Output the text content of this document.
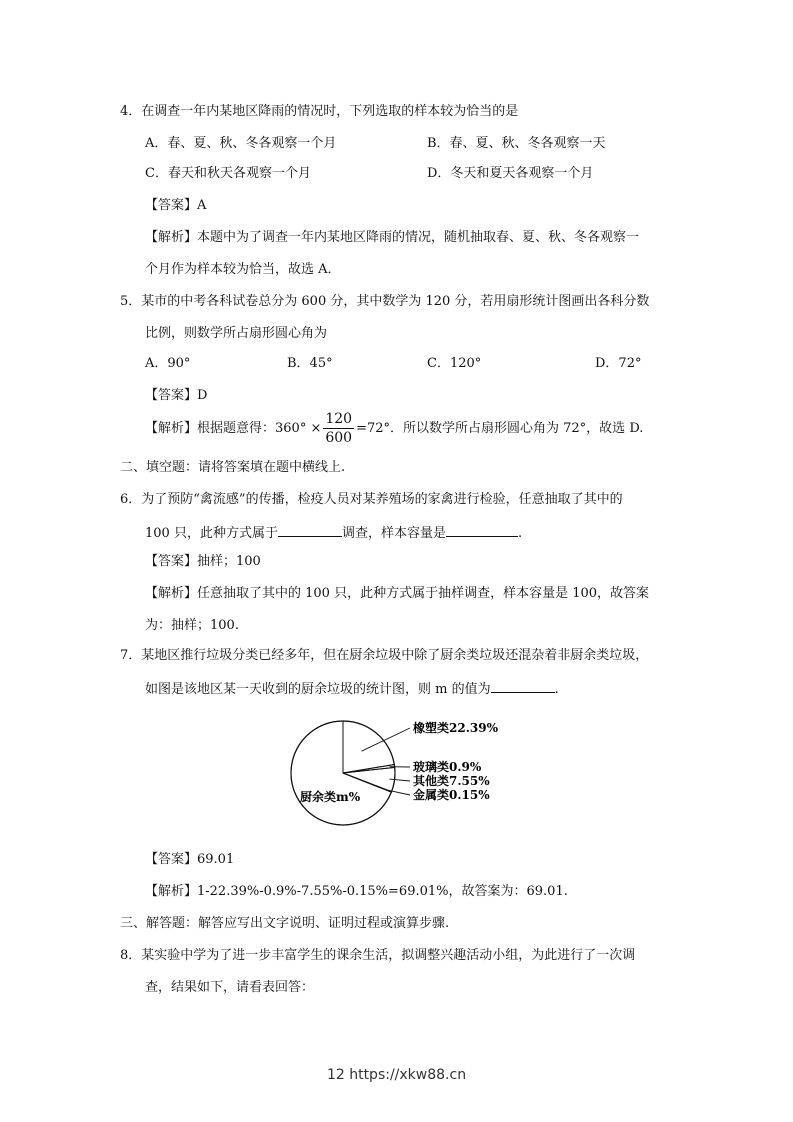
4．在调查一年内某地区降雨的情况时，下列选取的样本较为恰当的是
A．春、夏、秋、冬各观察一个月	B．春、夏、秋、冬各观察一天
C．春天和秋天各观察一个月	D．冬天和夏天各观察一个月
【答案】A
【解析】本题中为了调查一年内某地区降雨的情况，随机抽取春、夏、秋、冬各观察一
个月作为样本较为恰当，故选 A．
5．某市的中考各科试卷总分为 600 分，其中数学为 120 分，若用扇形统计图画出各科分数
比例，则数学所占扇形圆心角为
A．90°	B．45°	C．120°	D．72°
【答案】D
【解析】根据题意得：$360^\circ \times \frac{120}{600} =72^\circ$．所以数学所占扇形圆心角为 72°，故选 D.
二、填空题：请将答案填在题中横线上.
6．为了预防“禽流感”的传播，检疫人员对某养殖场的家禽进行检验，任意抽取了其中的
100 只，此种方式属于	调查，样本容量是	.
【答案】抽样；100
【解析】任意抽取了其中的 100 只，此种方式属于抽样调查，样本容量是 100，故答案
为：抽样；100.
7．某地区推行垃圾分类已经多年，但在厨余垃圾中除了厨余类垃圾还混杂着非厨余类垃圾，
如图是该地区某一天收到的厨余垃圾的统计图，则 m 的值为	.
橡塑类22.39%
玻璃类0.9%
其他类7.55%
金属类0.15%
厨余类m%
【答案】69.01
【解析】1-22.39%-0.9%-7.55%-0.15%=69.01%，故答案为：69.01.
三、解答题：解答应写出文字说明、证明过程或演算步骤.
8．某实验中学为了进一步丰富学生的课余生活，拟调整兴趣活动小组，为此进行了一次调
查，结果如下，请看表回答：
12 https://xkw88.cn
